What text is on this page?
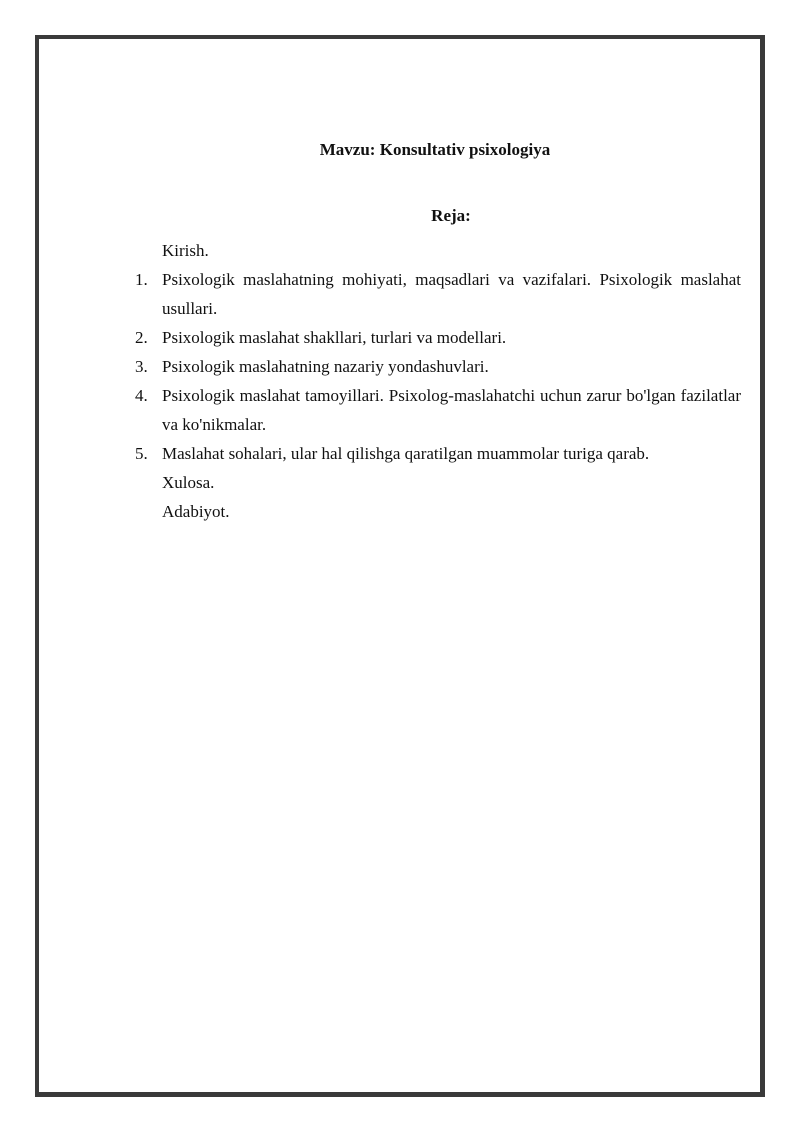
Mavzu: Konsultativ psixologiya
Reja:
Kirish.
1. Psixologik maslahatning mohiyati, maqsadlari va vazifalari. Psixologik maslahat usullari.
2. Psixologik maslahat shakllari, turlari va modellari.
3. Psixologik maslahatning nazariy yondashuvlari.
4. Psixologik maslahat tamoyillari. Psixolog-maslahatchi uchun zarur bo'lgan fazilatlar va ko'nikmalar.
5. Maslahat sohalari, ular hal qilishga qaratilgan muammolar turiga qarab.
Xulosa.
Adabiyot.
